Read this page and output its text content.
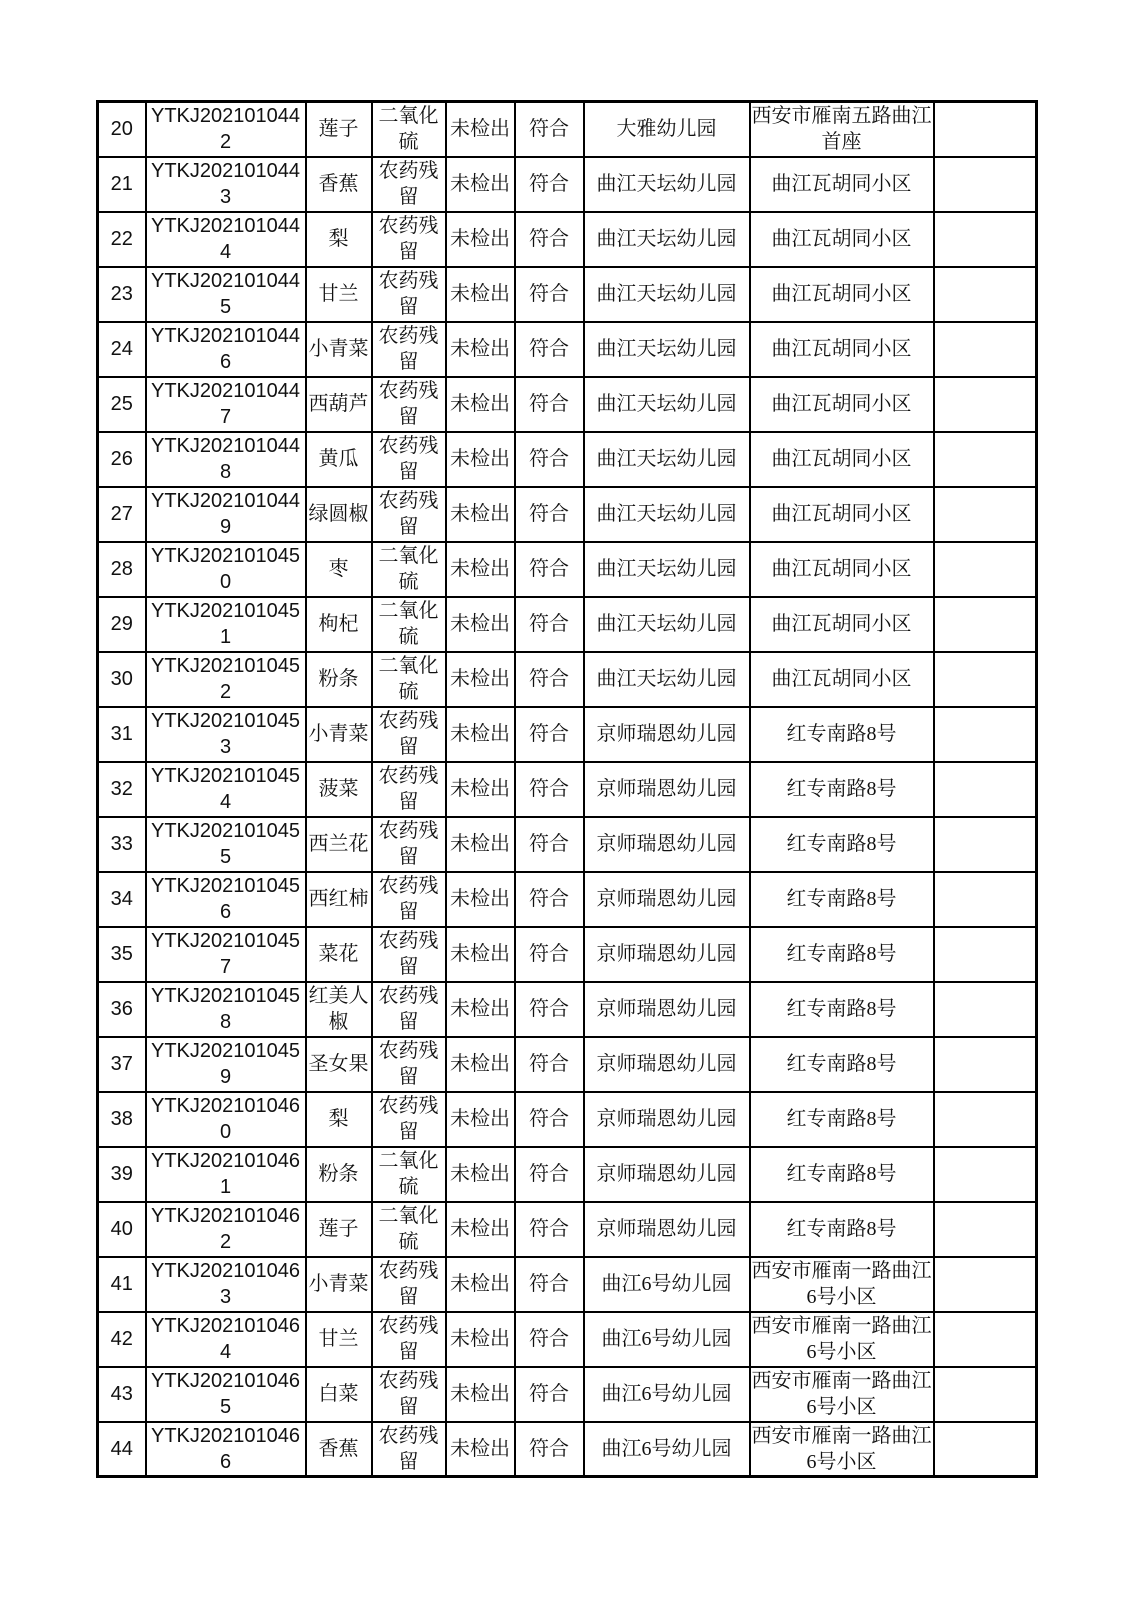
20	YTKJ2021010442	莲子	二氧化硫	未检出	符合	大雅幼儿园	西安市雁南五路曲江首座	
21	YTKJ2021010443	香蕉	农药残留	未检出	符合	曲江天坛幼儿园	曲江瓦胡同小区	
22	YTKJ2021010444	梨	农药残留	未检出	符合	曲江天坛幼儿园	曲江瓦胡同小区	
23	YTKJ2021010445	甘兰	农药残留	未检出	符合	曲江天坛幼儿园	曲江瓦胡同小区	
24	YTKJ2021010446	小青菜	农药残留	未检出	符合	曲江天坛幼儿园	曲江瓦胡同小区	
25	YTKJ2021010447	西葫芦	农药残留	未检出	符合	曲江天坛幼儿园	曲江瓦胡同小区	
26	YTKJ2021010448	黄瓜	农药残留	未检出	符合	曲江天坛幼儿园	曲江瓦胡同小区	
27	YTKJ2021010449	绿圆椒	农药残留	未检出	符合	曲江天坛幼儿园	曲江瓦胡同小区	
28	YTKJ2021010450	枣	二氧化硫	未检出	符合	曲江天坛幼儿园	曲江瓦胡同小区	
29	YTKJ2021010451	枸杞	二氧化硫	未检出	符合	曲江天坛幼儿园	曲江瓦胡同小区	
30	YTKJ2021010452	粉条	二氧化硫	未检出	符合	曲江天坛幼儿园	曲江瓦胡同小区	
31	YTKJ2021010453	小青菜	农药残留	未检出	符合	京师瑞恩幼儿园	红专南路8号	
32	YTKJ2021010454	菠菜	农药残留	未检出	符合	京师瑞恩幼儿园	红专南路8号	
33	YTKJ2021010455	西兰花	农药残留	未检出	符合	京师瑞恩幼儿园	红专南路8号	
34	YTKJ2021010456	西红柿	农药残留	未检出	符合	京师瑞恩幼儿园	红专南路8号	
35	YTKJ2021010457	菜花	农药残留	未检出	符合	京师瑞恩幼儿园	红专南路8号	
36	YTKJ2021010458	红美人椒	农药残留	未检出	符合	京师瑞恩幼儿园	红专南路8号	
37	YTKJ2021010459	圣女果	农药残留	未检出	符合	京师瑞恩幼儿园	红专南路8号	
38	YTKJ2021010460	梨	农药残留	未检出	符合	京师瑞恩幼儿园	红专南路8号	
39	YTKJ2021010461	粉条	二氧化硫	未检出	符合	京师瑞恩幼儿园	红专南路8号	
40	YTKJ2021010462	莲子	二氧化硫	未检出	符合	京师瑞恩幼儿园	红专南路8号	
41	YTKJ2021010463	小青菜	农药残留	未检出	符合	曲江6号幼儿园	西安市雁南一路曲江6号小区	
42	YTKJ2021010464	甘兰	农药残留	未检出	符合	曲江6号幼儿园	西安市雁南一路曲江6号小区	
43	YTKJ2021010465	白菜	农药残留	未检出	符合	曲江6号幼儿园	西安市雁南一路曲江6号小区	
44	YTKJ2021010466	香蕉	农药残留	未检出	符合	曲江6号幼儿园	西安市雁南一路曲江6号小区	
